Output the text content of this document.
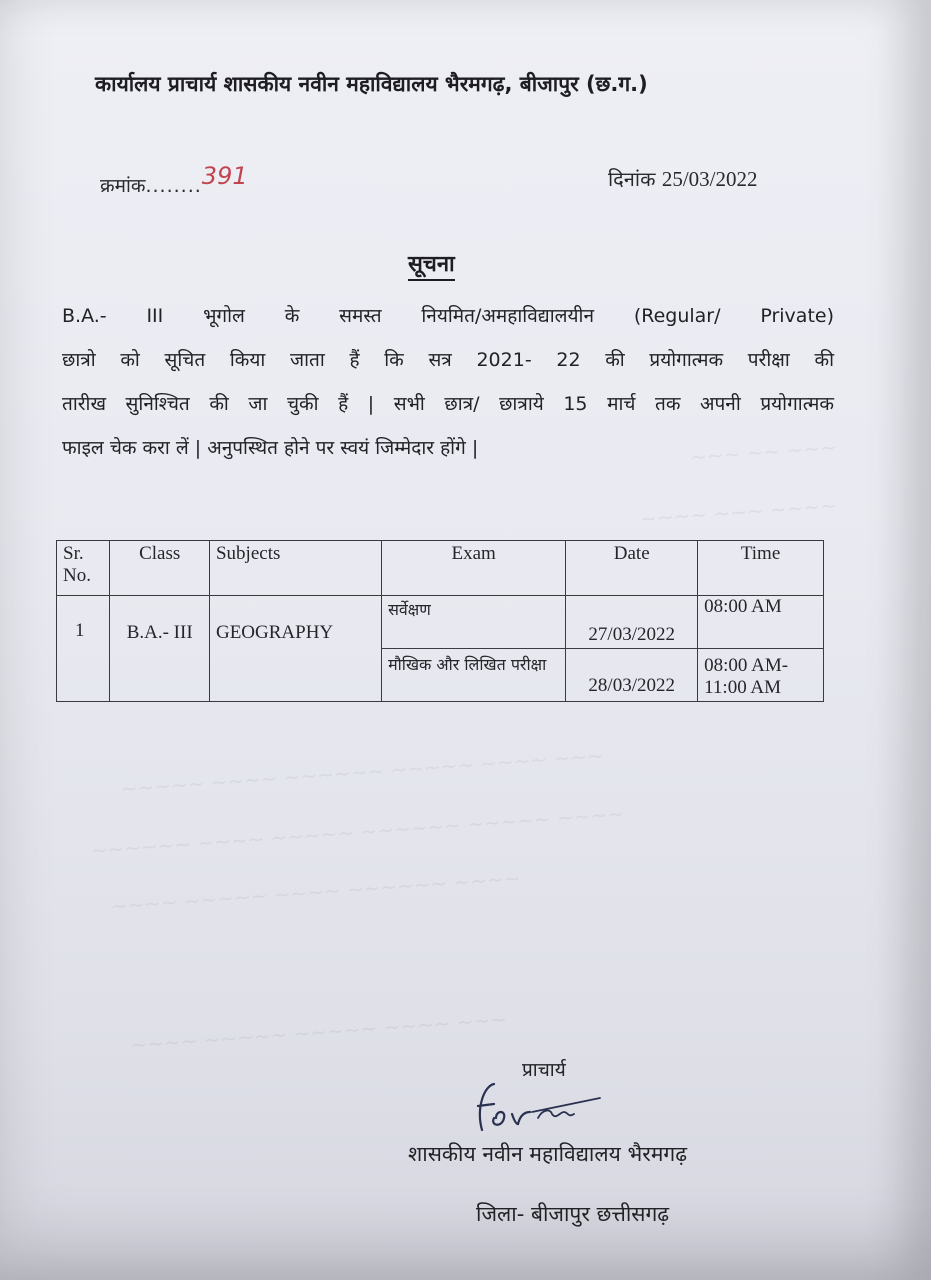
~~~ ~~ ~~~
~~~~ ~~~ ~~~~
~~~~~ ~~~~ ~~~~~~ ~~~~~ ~~~~ ~~~
~~~~~~ ~~~~ ~~~~~ ~~~~~~ ~~~~~ ~~~~
~~~~ ~~~~~ ~~~~ ~~~~~~ ~~~~
~~~~ ~~~~~ ~~~~~ ~~~~ ~~~
कार्यालय प्राचार्य शासकीय नवीन महाविद्यालय भैरमगढ़, बीजापुर (छ.ग.)
क्रमांक........391	दिनांक 25/03/2022
सूचना
B.A.- III भूगोल के समस्त नियमित/अमहाविद्यालयीन (Regular/ Private)
छात्रो को सूचित किया जाता हैं कि सत्र 2021- 22 की प्रयोगात्मक परीक्षा की
तारीख सुनिश्चित की जा चुकी हैं | सभी छात्र/ छात्राये 15 मार्च तक अपनी प्रयोगात्मक
फाइल चेक करा लें | अनुपस्थित होने पर स्वयं जिम्मेदार होंगे |
Sr. No.	Class	Subjects	Exam	Date	Time
1	B.A.- III	GEOGRAPHY	सर्वेक्षण	27/03/2022	08:00 AM
			मौखिक और लिखित परीक्षा	28/03/2022	08:00 AM- 11:00 AM
प्राचार्य
शासकीय नवीन महाविद्यालय भैरमगढ़
जिला- बीजापुर छत्तीसगढ़
